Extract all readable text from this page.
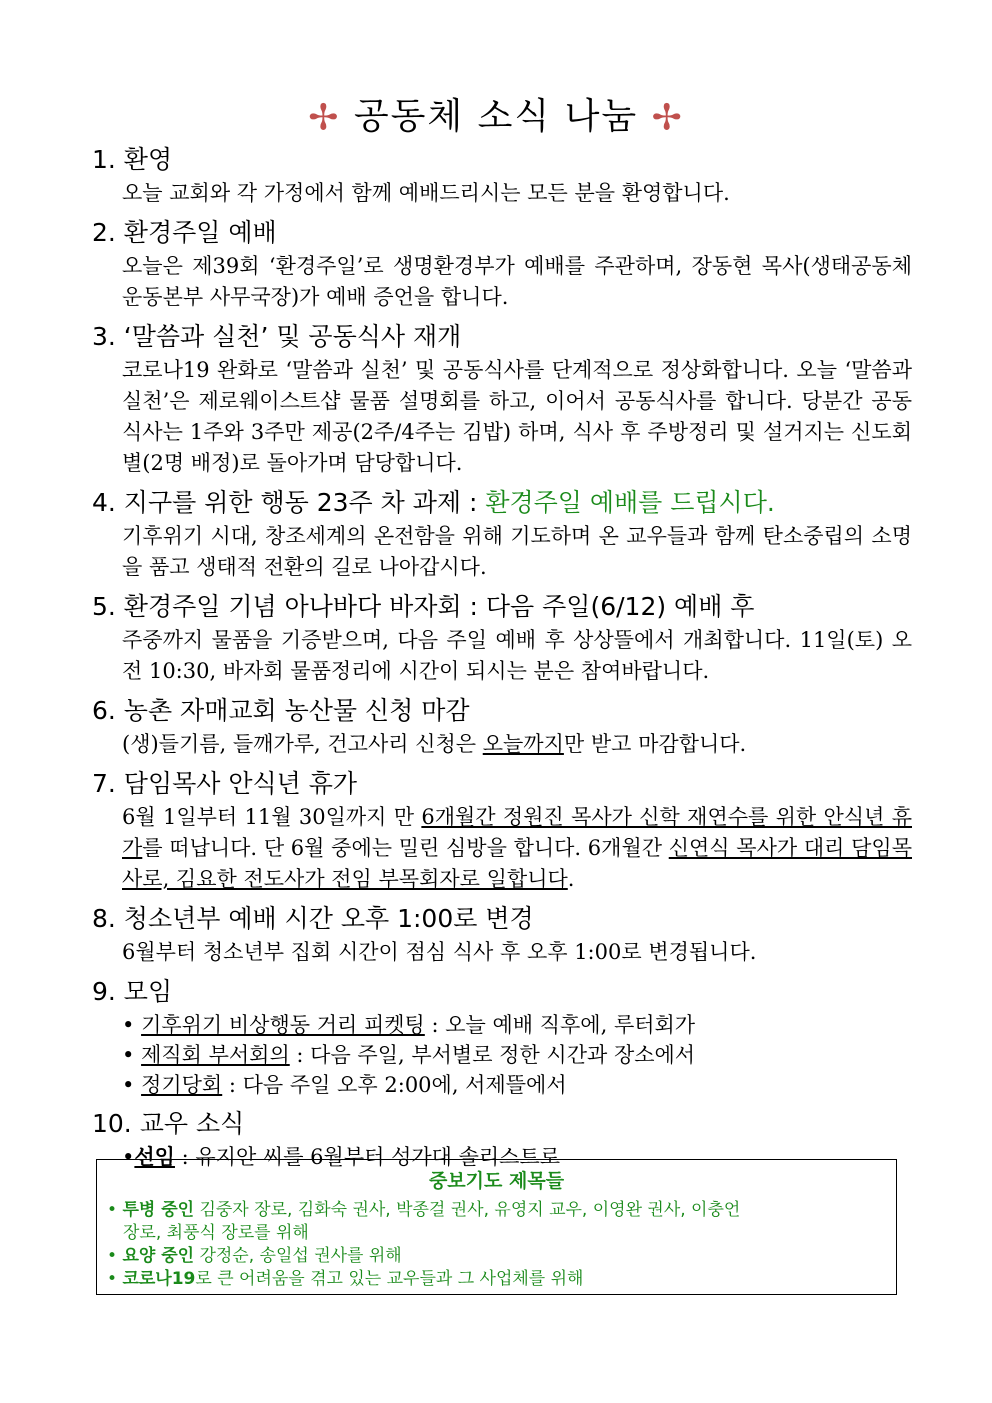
✢ 공동체 소식 나눔 ✢
1. 환영
오늘 교회와 각 가정에서 함께 예배드리시는 모든 분을 환영합니다.
2. 환경주일 예배
오늘은 제39회 ‘환경주일’로 생명환경부가 예배를 주관하며, 장동현 목사(생태공동체운동본부 사무국장)가 예배 증언을 합니다.
3. ‘말씀과 실천’ 및 공동식사 재개
코로나19 완화로 ‘말씀과 실천’ 및 공동식사를 단계적으로 정상화합니다. 오늘 ‘말씀과 실천’은 제로웨이스트샵 물품 설명회를 하고, 이어서 공동식사를 합니다. 당분간 공동식사는 1주와 3주만 제공(2주/4주는 김밥) 하며, 식사 후 주방정리 및 설거지는 신도회별(2명 배정)로 돌아가며 담당합니다.
4. 지구를 위한 행동 23주 차 과제 : 환경주일 예배를 드립시다.
기후위기 시대, 창조세계의 온전함을 위해 기도하며 온 교우들과 함께 탄소중립의 소명을 품고 생태적 전환의 길로 나아갑시다.
5. 환경주일 기념 아나바다 바자회 : 다음 주일(6/12) 예배 후
주중까지 물품을 기증받으며, 다음 주일 예배 후 상상뜰에서 개최합니다. 11일(토) 오전 10:30, 바자회 물품정리에 시간이 되시는 분은 참여바랍니다.
6. 농촌 자매교회 농산물 신청 마감
(생)들기름, 들깨가루, 건고사리 신청은 오늘까지만 받고 마감합니다.
7. 담임목사 안식년 휴가
6월 1일부터 11월 30일까지 만 6개월간 정원진 목사가 신학 재연수를 위한 안식년 휴가를 떠납니다. 단 6월 중에는 밀린 심방을 합니다. 6개월간 신연식 목사가 대리 담임목사로, 김요한 전도사가 전임 부목회자로 일합니다.
8. 청소년부 예배 시간 오후 1:00로 변경
6월부터 청소년부 집회 시간이 점심 식사 후 오후 1:00로 변경됩니다.
9. 모임
• 기후위기 비상행동 거리 피켓팅 : 오늘 예배 직후에, 루터회가
• 제직회 부서회의 : 다음 주일, 부서별로 정한 시간과 장소에서
• 정기당회 : 다음 주일 오후 2:00에, 서제뜰에서
10. 교우 소식
•선임 : 유지안 씨를 6월부터 성가대 솔리스트로
중보기도 제목들
• 투병 중인 김중자 장로, 김화숙 권사, 박종걸 권사, 유영지 교우, 이영완 권사, 이충언
장로, 최풍식 장로를 위해
• 요양 중인 강정순, 송일섭 권사를 위해
• 코로나19로 큰 어려움을 겪고 있는 교우들과 그 사업체를 위해
